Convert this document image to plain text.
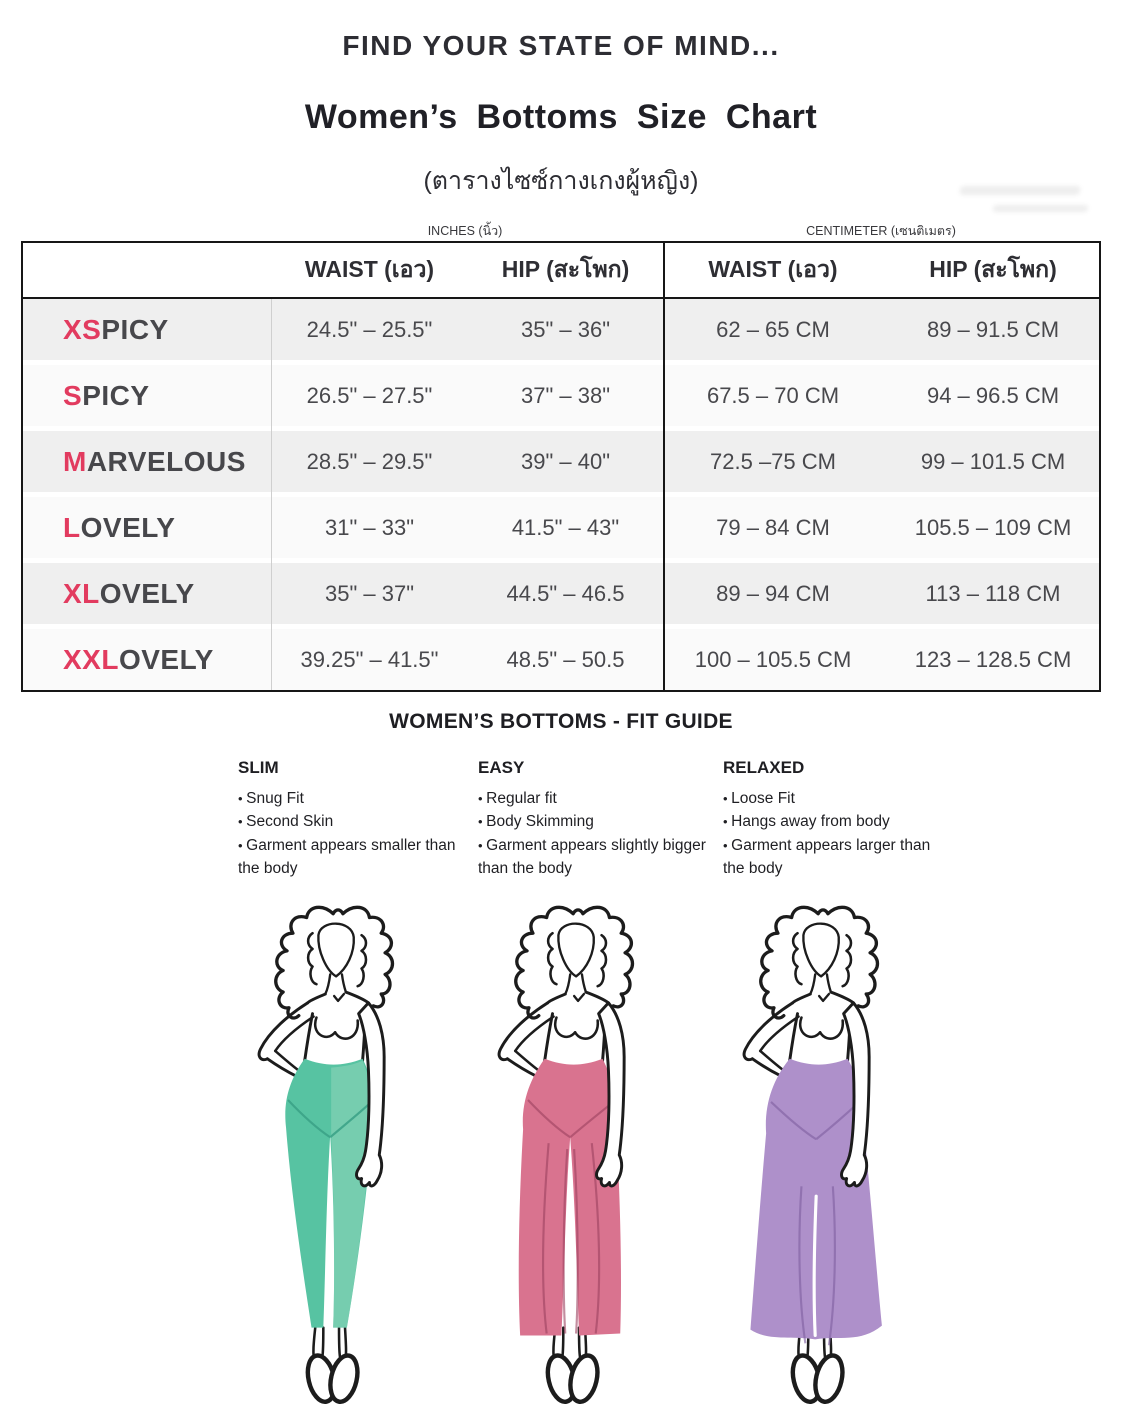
FIND YOUR STATE OF MIND...
Women’s Bottoms Size Chart
(ตารางไซซ์กางเกงผู้หญิง)
INCHES (นิ้ว)	CENTIMETER (เซนติเมตร)
WAIST (เอว)	HIP (สะโพก)	WAIST (เอว)	HIP (สะโพก)
XSPICY	24.5" – 25.5"	35" – 36"	62 – 65 CM	89 – 91.5 CM
SPICY	26.5" – 27.5"	37" – 38"	67.5 – 70 CM	94 – 96.5 CM
MARVELOUS	28.5" – 29.5"	39" – 40"	72.5 –75 CM	99 – 101.5 CM
LOVELY	31" – 33"	41.5" – 43"	79 – 84 CM	105.5 – 109 CM
XLOVELY	35" – 37"	44.5" – 46.5	89 – 94 CM	113 – 118 CM
XXLOVELY	39.25" – 41.5"	48.5" – 50.5	100 – 105.5 CM	123 – 128.5 CM
WOMEN’S BOTTOMS - FIT GUIDE
SLIM
• Snug Fit
• Second Skin
• Garment appears smaller than the body
EASY
• Regular fit
• Body Skimming
• Garment appears slightly bigger than the body
RELAXED
• Loose Fit
• Hangs away from body
• Garment appears larger than the body
